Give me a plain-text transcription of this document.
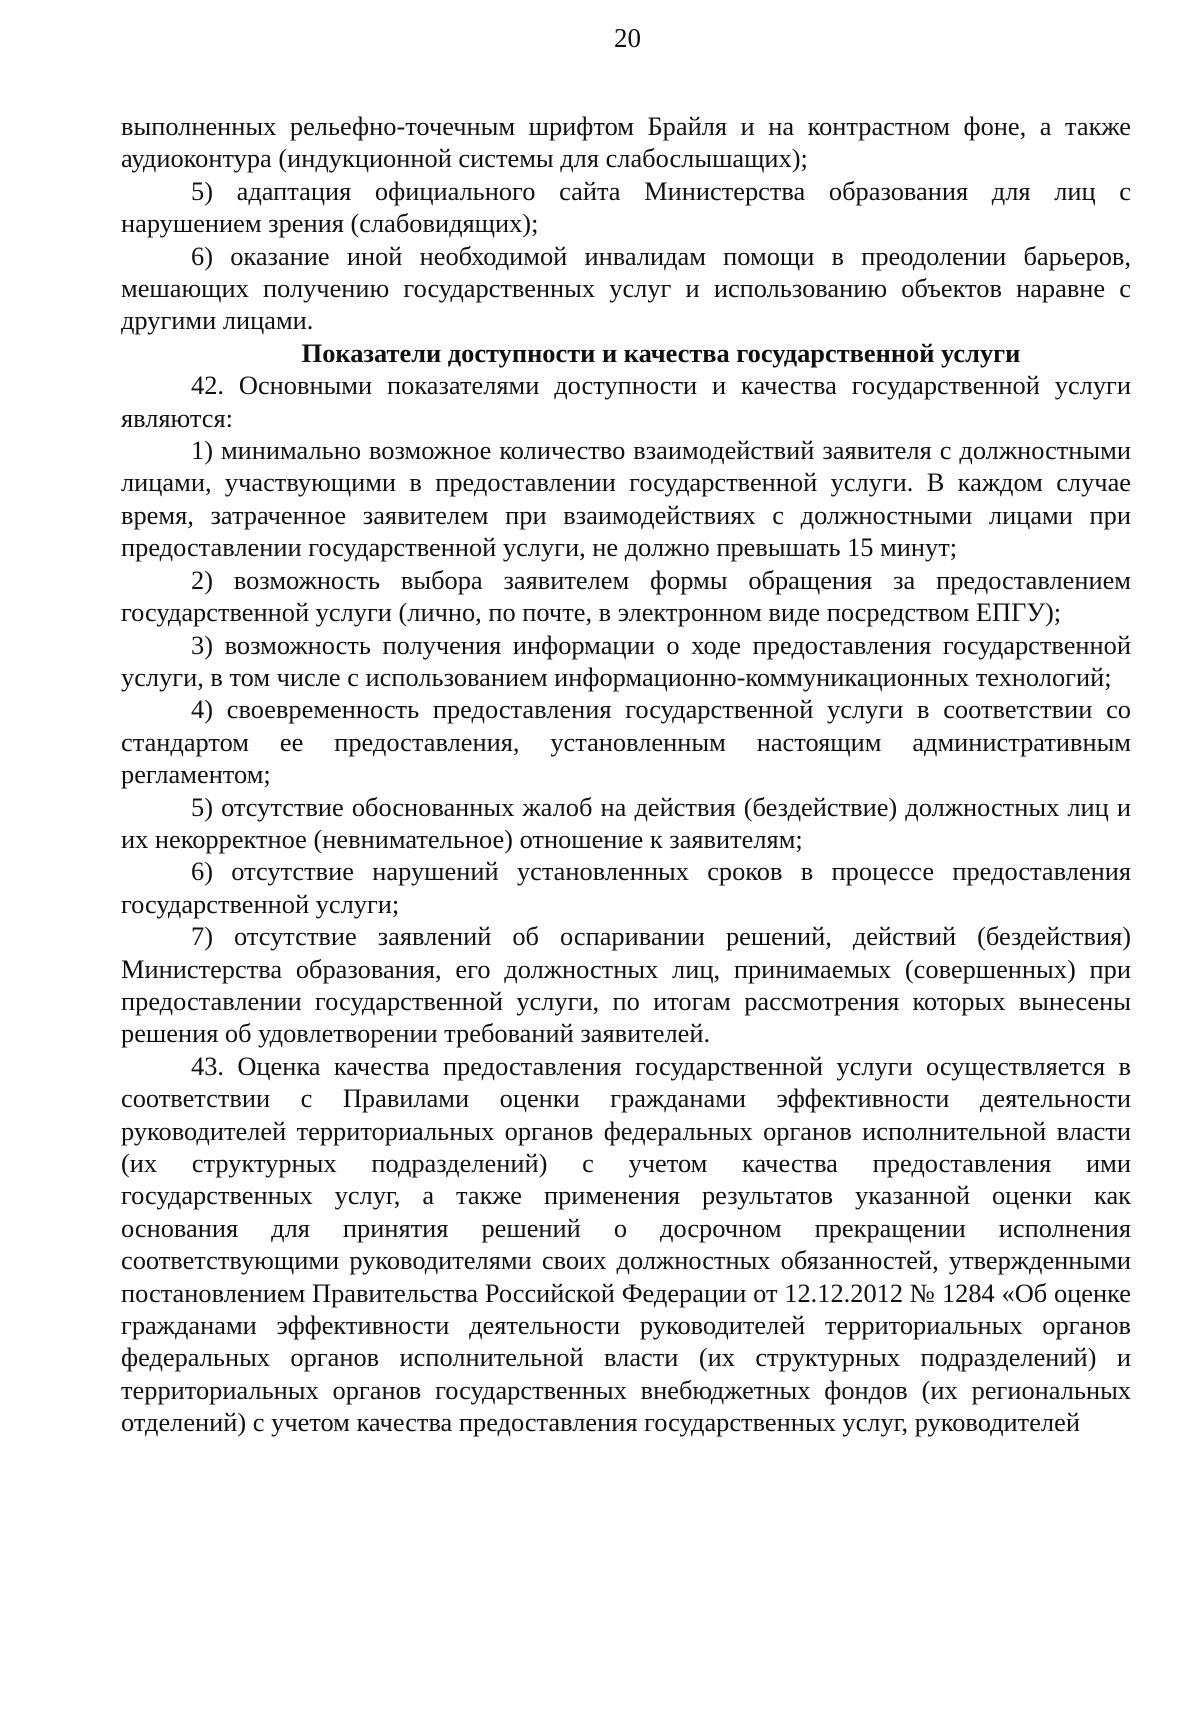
20

выполненных рельефно-точечным шрифтом Брайля и на контрастном фоне, а также аудиоконтура (индукционной системы для слабослышащих);

5) адаптация официального сайта Министерства образования для лиц с нарушением зрения (слабовидящих);

6) оказание иной необходимой инвалидам помощи в преодолении барьеров, мешающих получению государственных услуг и использованию объектов наравне с другими лицами.

Показатели доступности и качества государственной услуги

42. Основными показателями доступности и качества государственной услуги являются:

1) минимально возможное количество взаимодействий заявителя с должностными лицами, участвующими в предоставлении государственной услуги. В каждом случае время, затраченное заявителем при взаимодействиях с должностными лицами при предоставлении государственной услуги, не должно превышать 15 минут;

2) возможность выбора заявителем формы обращения за предоставлением государственной услуги (лично, по почте, в электронном виде посредством ЕПГУ);

3) возможность получения информации о ходе предоставления государственной услуги, в том числе с использованием информационно-коммуникационных технологий;

4) своевременность предоставления государственной услуги в соответствии со стандартом ее предоставления, установленным настоящим административным регламентом;

5) отсутствие обоснованных жалоб на действия (бездействие) должностных лиц и их некорректное (невнимательное) отношение к заявителям;

6) отсутствие нарушений установленных сроков в процессе предоставления государственной услуги;

7) отсутствие заявлений об оспаривании решений, действий (бездействия) Министерства образования, его должностных лиц, принимаемых (совершенных) при предоставлении государственной услуги, по итогам рассмотрения которых вынесены решения об удовлетворении требований заявителей.

43. Оценка качества предоставления государственной услуги осуществляется в соответствии с Правилами оценки гражданами эффективности деятельности руководителей территориальных органов федеральных органов исполнительной власти (их структурных подразделений) с учетом качества предоставления ими государственных услуг, а также применения результатов указанной оценки как основания для принятия решений о досрочном прекращении исполнения соответствующими руководителями своих должностных обязанностей, утвержденными постановлением Правительства Российской Федерации от 12.12.2012 № 1284 «Об оценке гражданами эффективности деятельности руководителей территориальных органов федеральных органов исполнительной власти (их структурных подразделений) и территориальных органов государственных внебюджетных фондов (их региональных отделений) с учетом качества предоставления государственных услуг, руководителей
